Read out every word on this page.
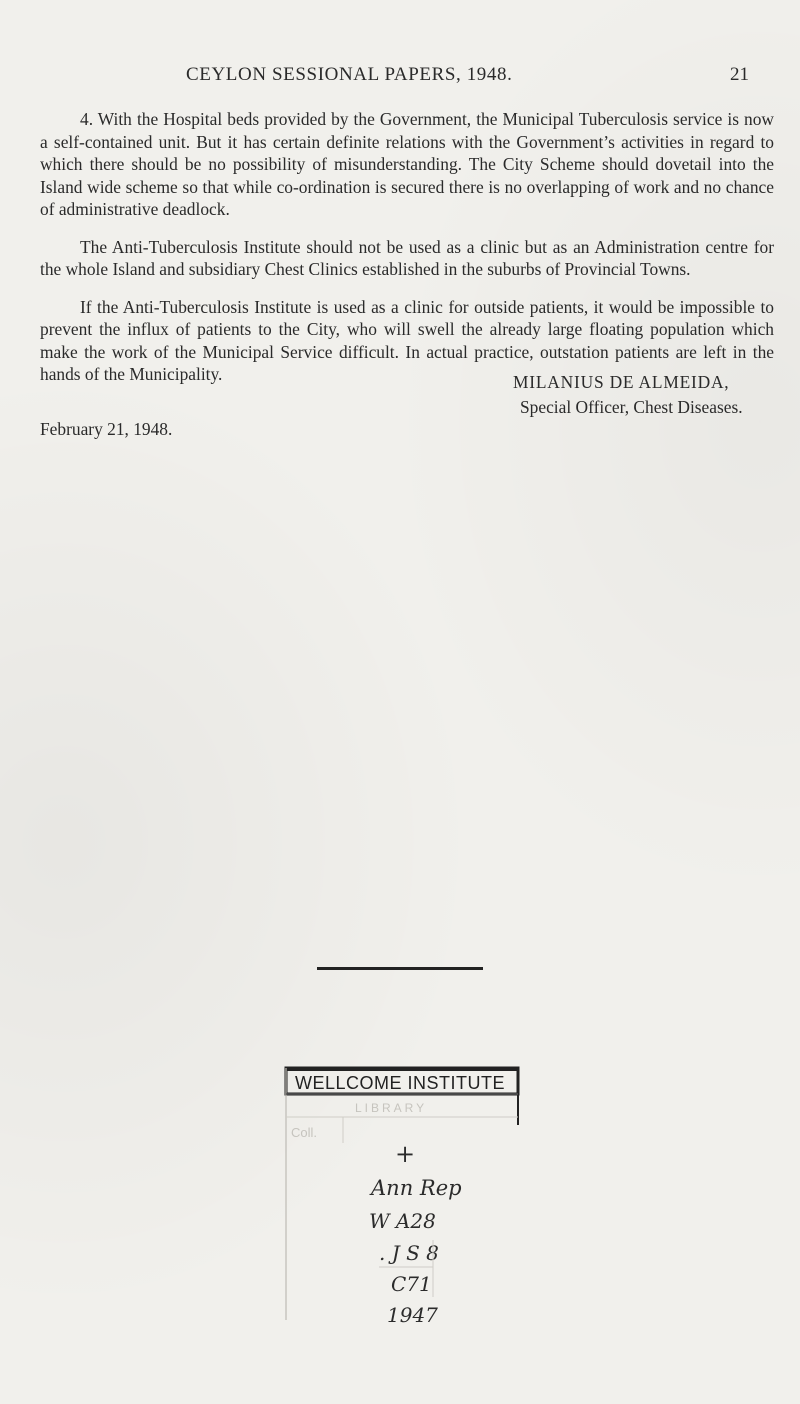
CEYLON SESSIONAL PAPERS, 1948.	21

4. With the Hospital beds provided by the Government, the Municipal Tuberculosis service is now a self-contained unit. But it has certain definite relations with the Government’s activities in regard to which there should be no possibility of misunderstanding. The City Scheme should dovetail into the Island wide scheme so that while co-ordination is secured there is no overlapping of work and no chance of administrative deadlock.

The Anti-Tuberculosis Institute should not be used as a clinic but as an Administration centre for the whole Island and subsidiary Chest Clinics established in the suburbs of Provincial Towns.

If the Anti-Tuberculosis Institute is used as a clinic for outside patients, it would be impossible to prevent the influx of patients to the City, who will swell the already large floating population which make the work of the Municipal Service difficult. In actual practice, outstation patients are left in the hands of the Municipality.	MILANIUS DE ALMEIDA,
Special Officer, Chest Diseases.
February 21, 1948.
WELLCOME INSTITUTE
LIBRARY
Coll.
+
Ann Rep
W A28
. J S 8
C71
1947
